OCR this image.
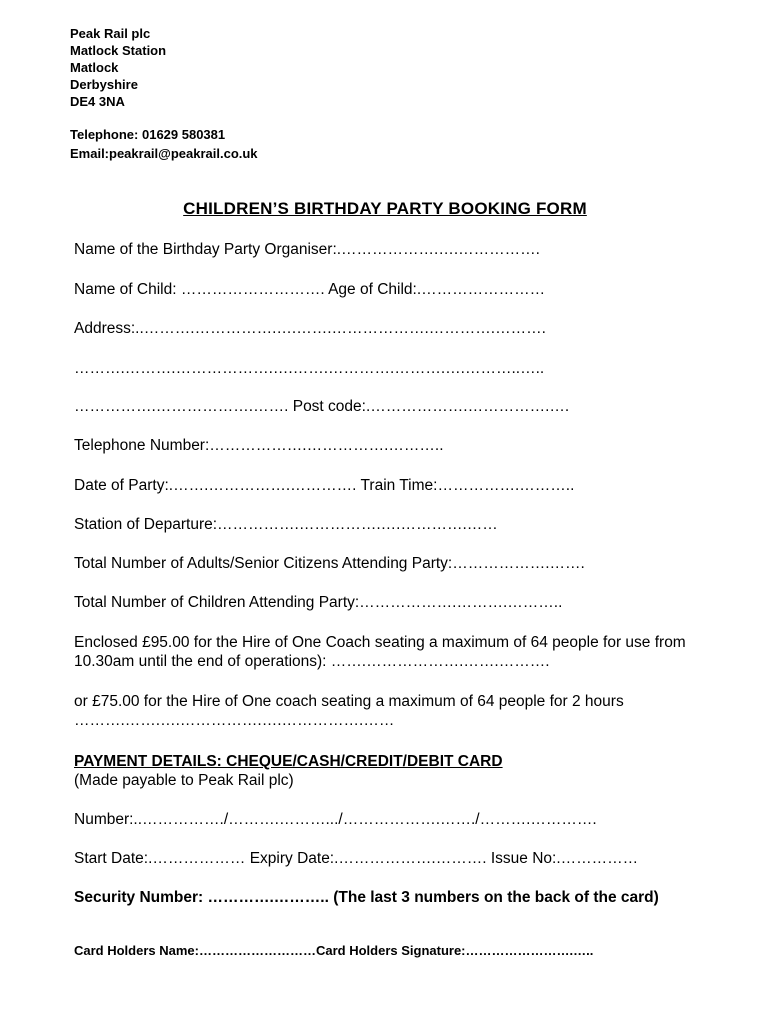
Peak Rail plc
Matlock Station
Matlock
Derbyshire
DE4 3NA
Telephone: 01629 580381
Email:peakrail@peakrail.co.uk
CHILDREN’S BIRTHDAY PARTY BOOKING FORM
Name of the Birthday Party Organiser:.……………….….…………….
Name of Child: ………………………. Age of Child:.……………………
Address:..……….…………….….…….……………….………….……….
……….……….……………….….…….………….……….….………..…..
…………….……………….……. Post code:.……………….…………….….
Telephone Number:……………….…………….………..
Date of Party:.…….…………….…………. Train Time:…………….………..
Station of Departure:…………….…………….….………….……
Total Number of Adults/Senior Citizens Attending Party:……………….…….
Total Number of Children Attending Party:……………….……….………..
Enclosed £95.00 for the Hire of One Coach seating a maximum of 64 people for use from 10.30am until the end of operations): …….……………….…….……….
or £75.00 for the Hire of One coach seating a maximum of 64 people for 2 hours ……….…….….…………….….…………….……
PAYMENT DETAILS: CHEQUE/CASH/CREDIT/DEBIT CARD
(Made payable to Peak Rail plc)
Number:..……………./……….……….../……………….……./……….………….
Start Date:.……………… Expiry Date:.……………….………. Issue No:.……………
Security Number: ………….……….. (The last 3 numbers on the back of the card)
Card Holders Name:………………………Card Holders Signature:…………………….…..
